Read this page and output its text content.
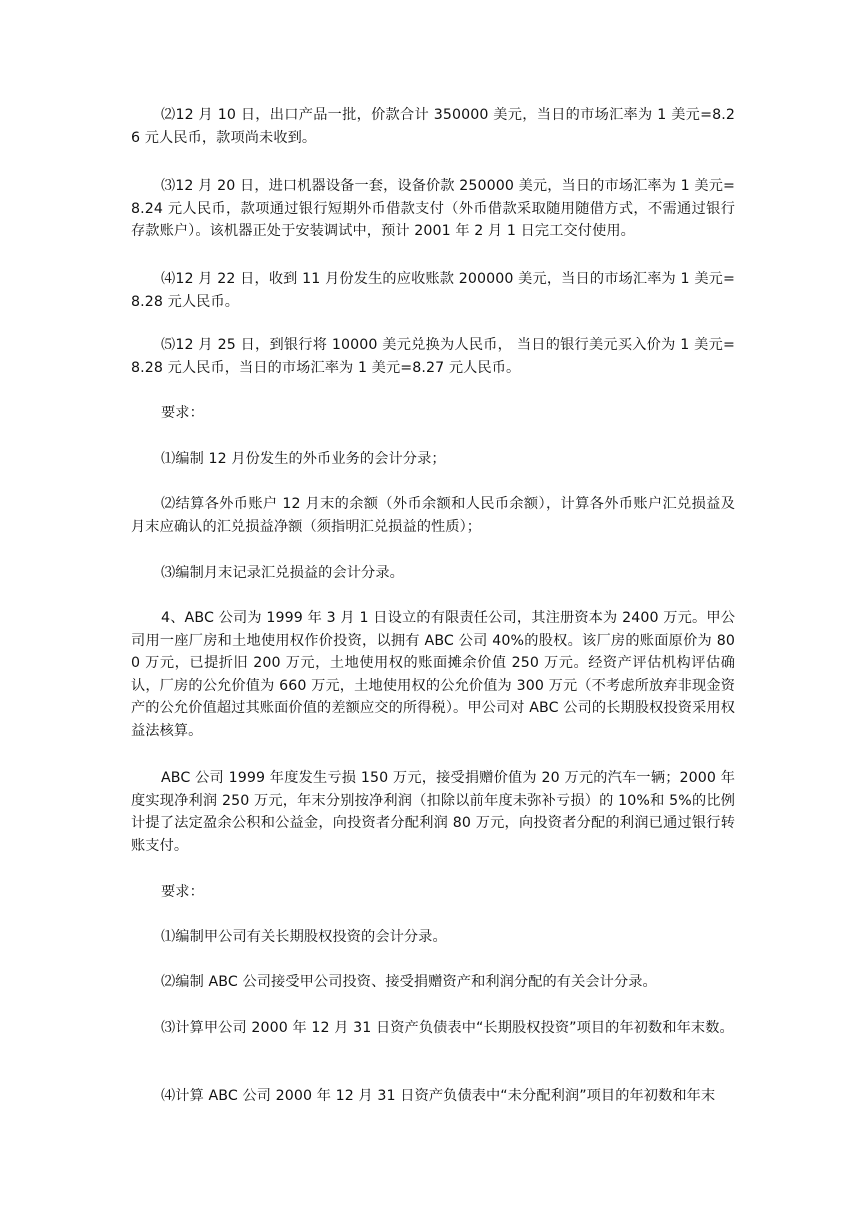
⑵12 月 10 日，出口产品一批，价款合计 350000 美元，当日的市场汇率为 1 美元=8.26 元人民币，款项尚未收到。

⑶12 月 20 日，进口机器设备一套，设备价款 250000 美元，当日的市场汇率为 1 美元=8.24 元人民币，款项通过银行短期外币借款支付（外币借款采取随用随借方式，不需通过银行存款账户）。该机器正处于安装调试中，预计 2001 年 2 月 1 日完工交付使用。

⑷12 月 22 日，收到 11 月份发生的应收账款 200000 美元，当日的市场汇率为 1 美元=8.28 元人民币。

⑸12 月 25 日，到银行将 10000 美元兑换为人民币， 当日的银行美元买入价为 1 美元=8.28 元人民币，当日的市场汇率为 1 美元=8.27 元人民币。

要求：

⑴编制 12 月份发生的外币业务的会计分录；

⑵结算各外币账户 12 月末的余额（外币余额和人民币余额），计算各外币账户汇兑损益及月末应确认的汇兑损益净额（须指明汇兑损益的性质）；

⑶编制月末记录汇兑损益的会计分录。

4、ABC 公司为 1999 年 3 月 1 日设立的有限责任公司，其注册资本为 2400 万元。甲公司用一座厂房和土地使用权作价投资，以拥有 ABC 公司 40%的股权。该厂房的账面原价为 800 万元，已提折旧 200 万元，土地使用权的账面摊余价值 250 万元。经资产评估机构评估确认，厂房的公允价值为 660 万元，土地使用权的公允价值为 300 万元（不考虑所放弃非现金资产的公允价值超过其账面价值的差额应交的所得税）。甲公司对 ABC 公司的长期股权投资采用权益法核算。

ABC 公司 1999 年度发生亏损 150 万元，接受捐赠价值为 20 万元的汽车一辆；2000 年度实现净利润 250 万元，年末分别按净利润（扣除以前年度未弥补亏损）的 10%和 5%的比例计提了法定盈余公积和公益金，向投资者分配利润 80 万元，向投资者分配的利润已通过银行转账支付。

要求：

⑴编制甲公司有关长期股权投资的会计分录。

⑵编制 ABC 公司接受甲公司投资、接受捐赠资产和利润分配的有关会计分录。

⑶计算甲公司 2000 年 12 月 31 日资产负债表中“长期股权投资”项目的年初数和年末数。

⑷计算 ABC 公司 2000 年 12 月 31 日资产负债表中“未分配利润”项目的年初数和年末
